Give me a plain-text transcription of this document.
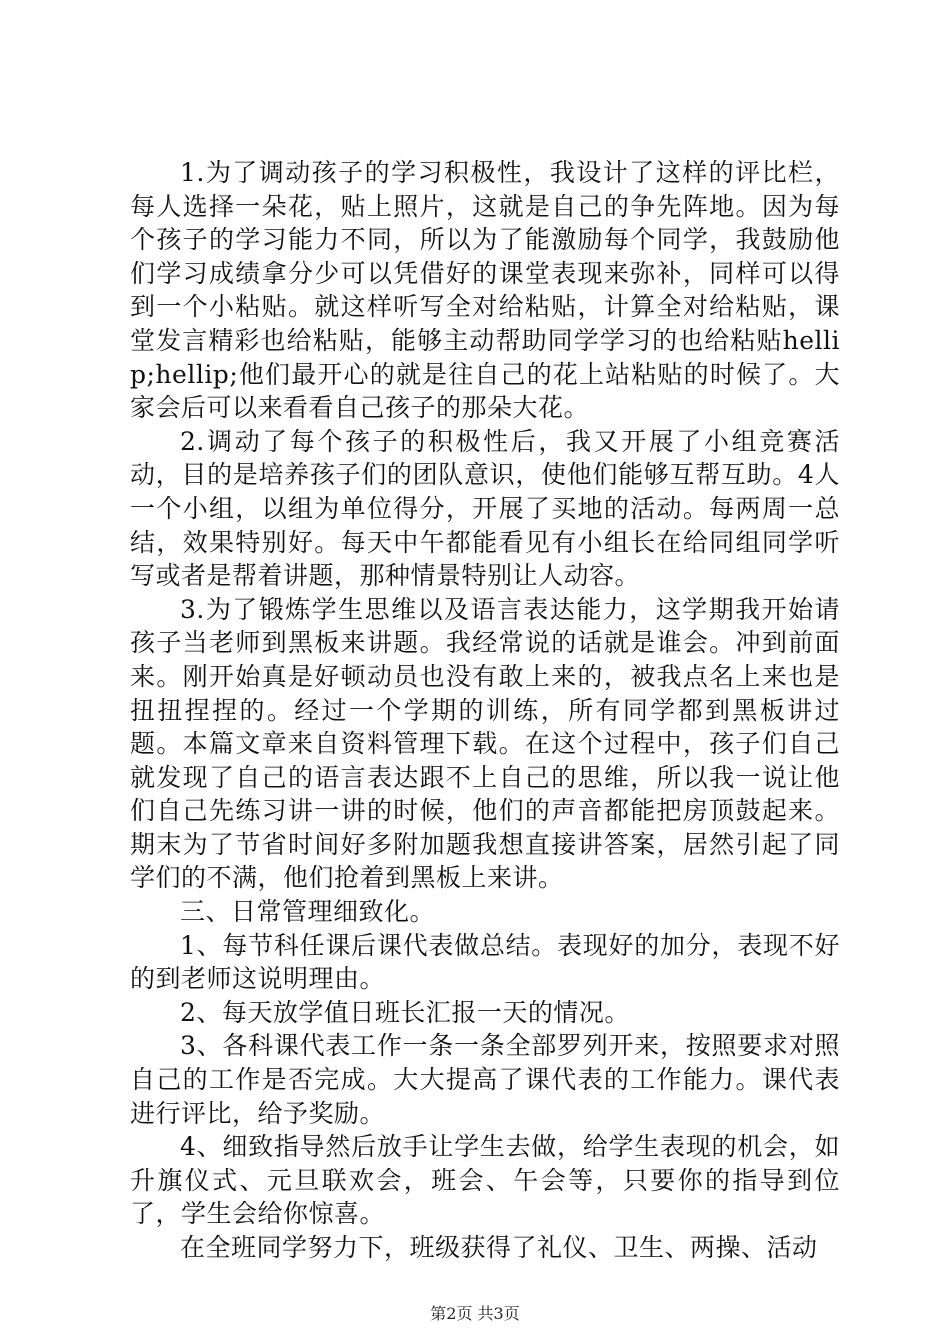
1.为了调动孩子的学习积极性，我设计了这样的评比栏，每人选择一朵花，贴上照片，这就是自己的争先阵地。因为每个孩子的学习能力不同，所以为了能激励每个同学，我鼓励他们学习成绩拿分少可以凭借好的课堂表现来弥补，同样可以得到一个小粘贴。就这样听写全对给粘贴，计算全对给粘贴，课堂发言精彩也给粘贴，能够主动帮助同学学习的也给粘贴hellip;hellip;他们最开心的就是往自己的花上站粘贴的时候了。大家会后可以来看看自己孩子的那朵大花。

2.调动了每个孩子的积极性后，我又开展了小组竞赛活动，目的是培养孩子们的团队意识，使他们能够互帮互助。4人一个小组，以组为单位得分，开展了买地的活动。每两周一总结，效果特别好。每天中午都能看见有小组长在给同组同学听写或者是帮着讲题，那种情景特别让人动容。

3.为了锻炼学生思维以及语言表达能力，这学期我开始请孩子当老师到黑板来讲题。我经常说的话就是谁会。冲到前面来。刚开始真是好顿动员也没有敢上来的，被我点名上来也是扭扭捏捏的。经过一个学期的训练，所有同学都到黑板讲过题。本篇文章来自资料管理下载。在这个过程中，孩子们自己就发现了自己的语言表达跟不上自己的思维，所以我一说让他们自己先练习讲一讲的时候，他们的声音都能把房顶鼓起来。期末为了节省时间好多附加题我想直接讲答案，居然引起了同学们的不满，他们抢着到黑板上来讲。

三、日常管理细致化。

1、每节科任课后课代表做总结。表现好的加分，表现不好的到老师这说明理由。

2、每天放学值日班长汇报一天的情况。

3、各科课代表工作一条一条全部罗列开来，按照要求对照自己的工作是否完成。大大提高了课代表的工作能力。课代表进行评比，给予奖励。

4、细致指导然后放手让学生去做，给学生表现的机会，如升旗仪式、元旦联欢会，班会、午会等，只要你的指导到位了，学生会给你惊喜。

在全班同学努力下，班级获得了礼仪、卫生、两操、活动

第2页 共3页
